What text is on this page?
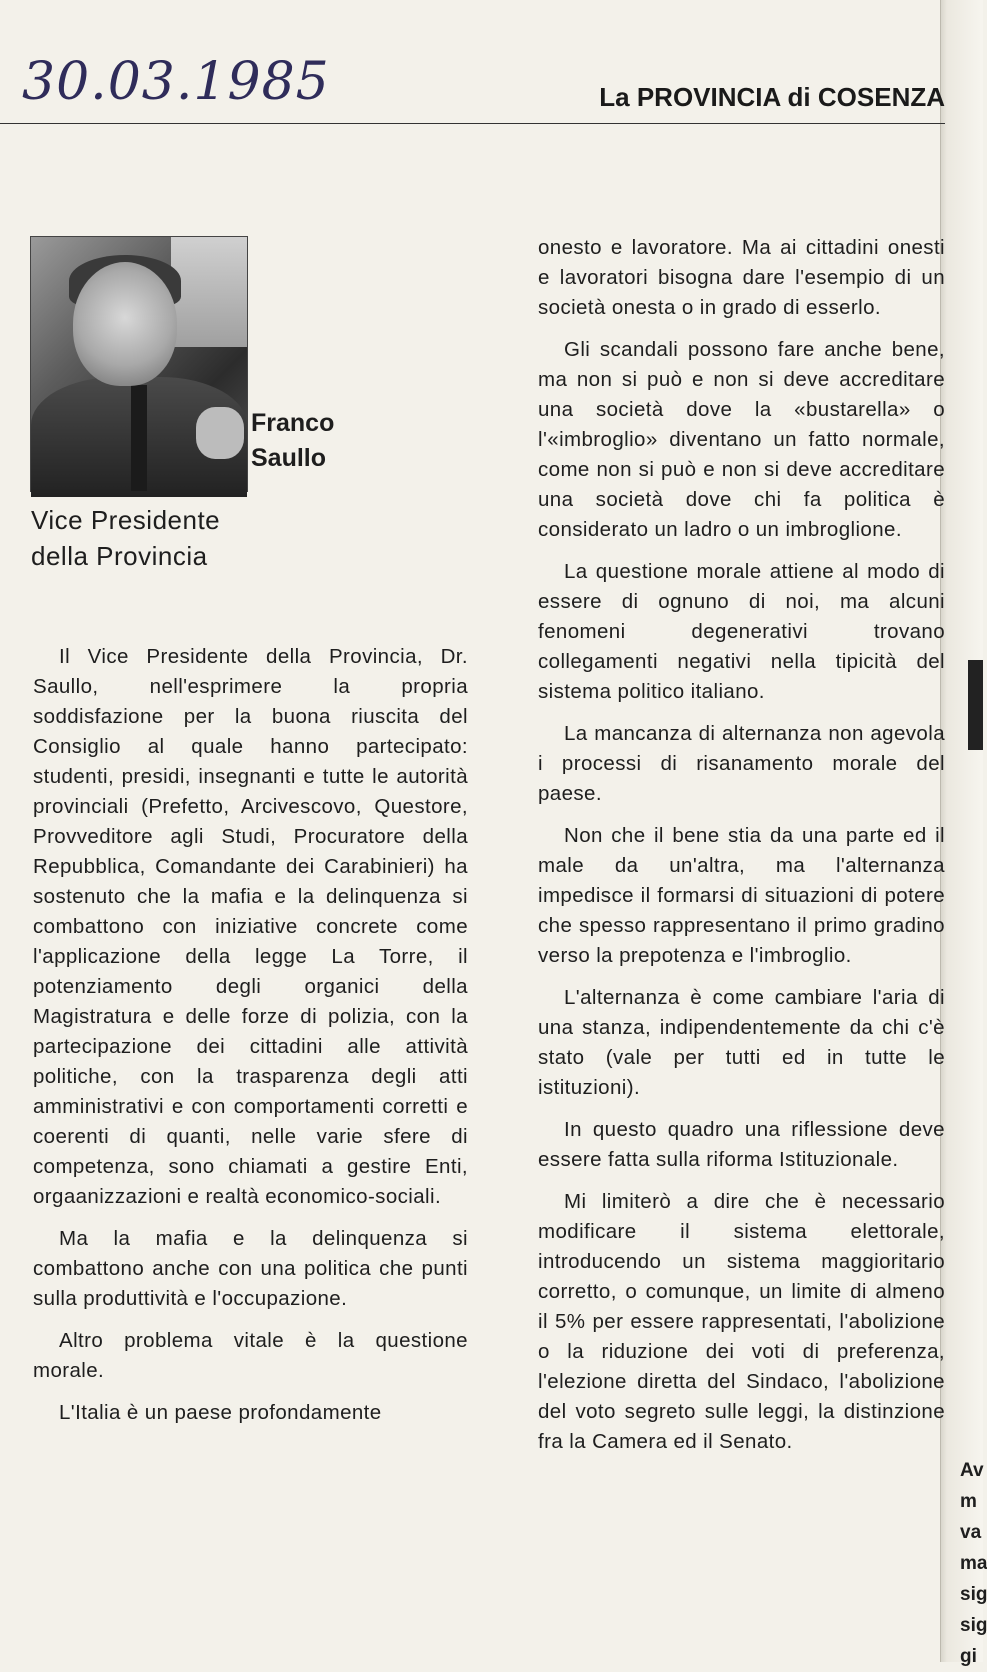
30.03.1985	La PROVINCIA di COSENZA
Franco
Saullo
Vice Presidente
della Provincia

Il Vice Presidente della Provincia, Dr. Saullo, nell'esprimere la propria soddisfazione per la buona riuscita del Consiglio al quale hanno partecipato: studenti, presidi, insegnanti e tutte le autorità provinciali (Prefetto, Arcivescovo, Questore, Provveditore agli Studi, Procuratore della Repubblica, Comandante dei Carabinieri) ha sostenuto che la mafia e la delinquenza si combattono con iniziative concrete come l'applicazione della legge La Torre, il potenziamento degli organici della Magistratura e delle forze di polizia, con la partecipazione dei cittadini alle attività politiche, con la trasparenza degli atti amministrativi e con comportamenti corretti e coerenti di quanti, nelle varie sfere di competenza, sono chiamati a gestire Enti, orgaanizzazioni e realtà economico-sociali.

Ma la mafia e la delinquenza si combattono anche con una politica che punti sulla produttività e l'occupazione.

Altro problema vitale è la questione morale.

L'Italia è un paese profondamente

onesto e lavoratore. Ma ai cittadini onesti e lavoratori bisogna dare l'esempio di un società onesta o in grado di esserlo.

Gli scandali possono fare anche bene, ma non si può e non si deve accreditare una società dove la «bustarella» o l'«imbroglio» diventano un fatto normale, come non si può e non si deve accreditare una società dove chi fa politica è considerato un ladro o un imbroglione.

La questione morale attiene al modo di essere di ognuno di noi, ma alcuni fenomeni degenerativi trovano collegamenti negativi nella tipicità del sistema politico italiano.

La mancanza di alternanza non agevola i processi di risanamento morale del paese.

Non che il bene stia da una parte ed il male da un'altra, ma l'alternanza impedisce il formarsi di situazioni di potere che spesso rappresentano il primo gradino verso la prepotenza e l'imbroglio.

L'alternanza è come cambiare l'aria di una stanza, indipendentemente da chi c'è stato (vale per tutti ed in tutte le istituzioni).

In questo quadro una riflessione deve essere fatta sulla riforma Istituzionale.

Mi limiterò a dire che è necessario modificare il sistema elettorale, introducendo un sistema maggioritario corretto, o comunque, un limite di almeno il 5% per essere rappresentati, l'abolizione o la riduzione dei voti di preferenza, l'elezione diretta del Sindaco, l'abolizione del voto segreto sulle leggi, la distinzione fra la Camera ed il Senato.

Av
m
va
ma
sig
sig
gi
